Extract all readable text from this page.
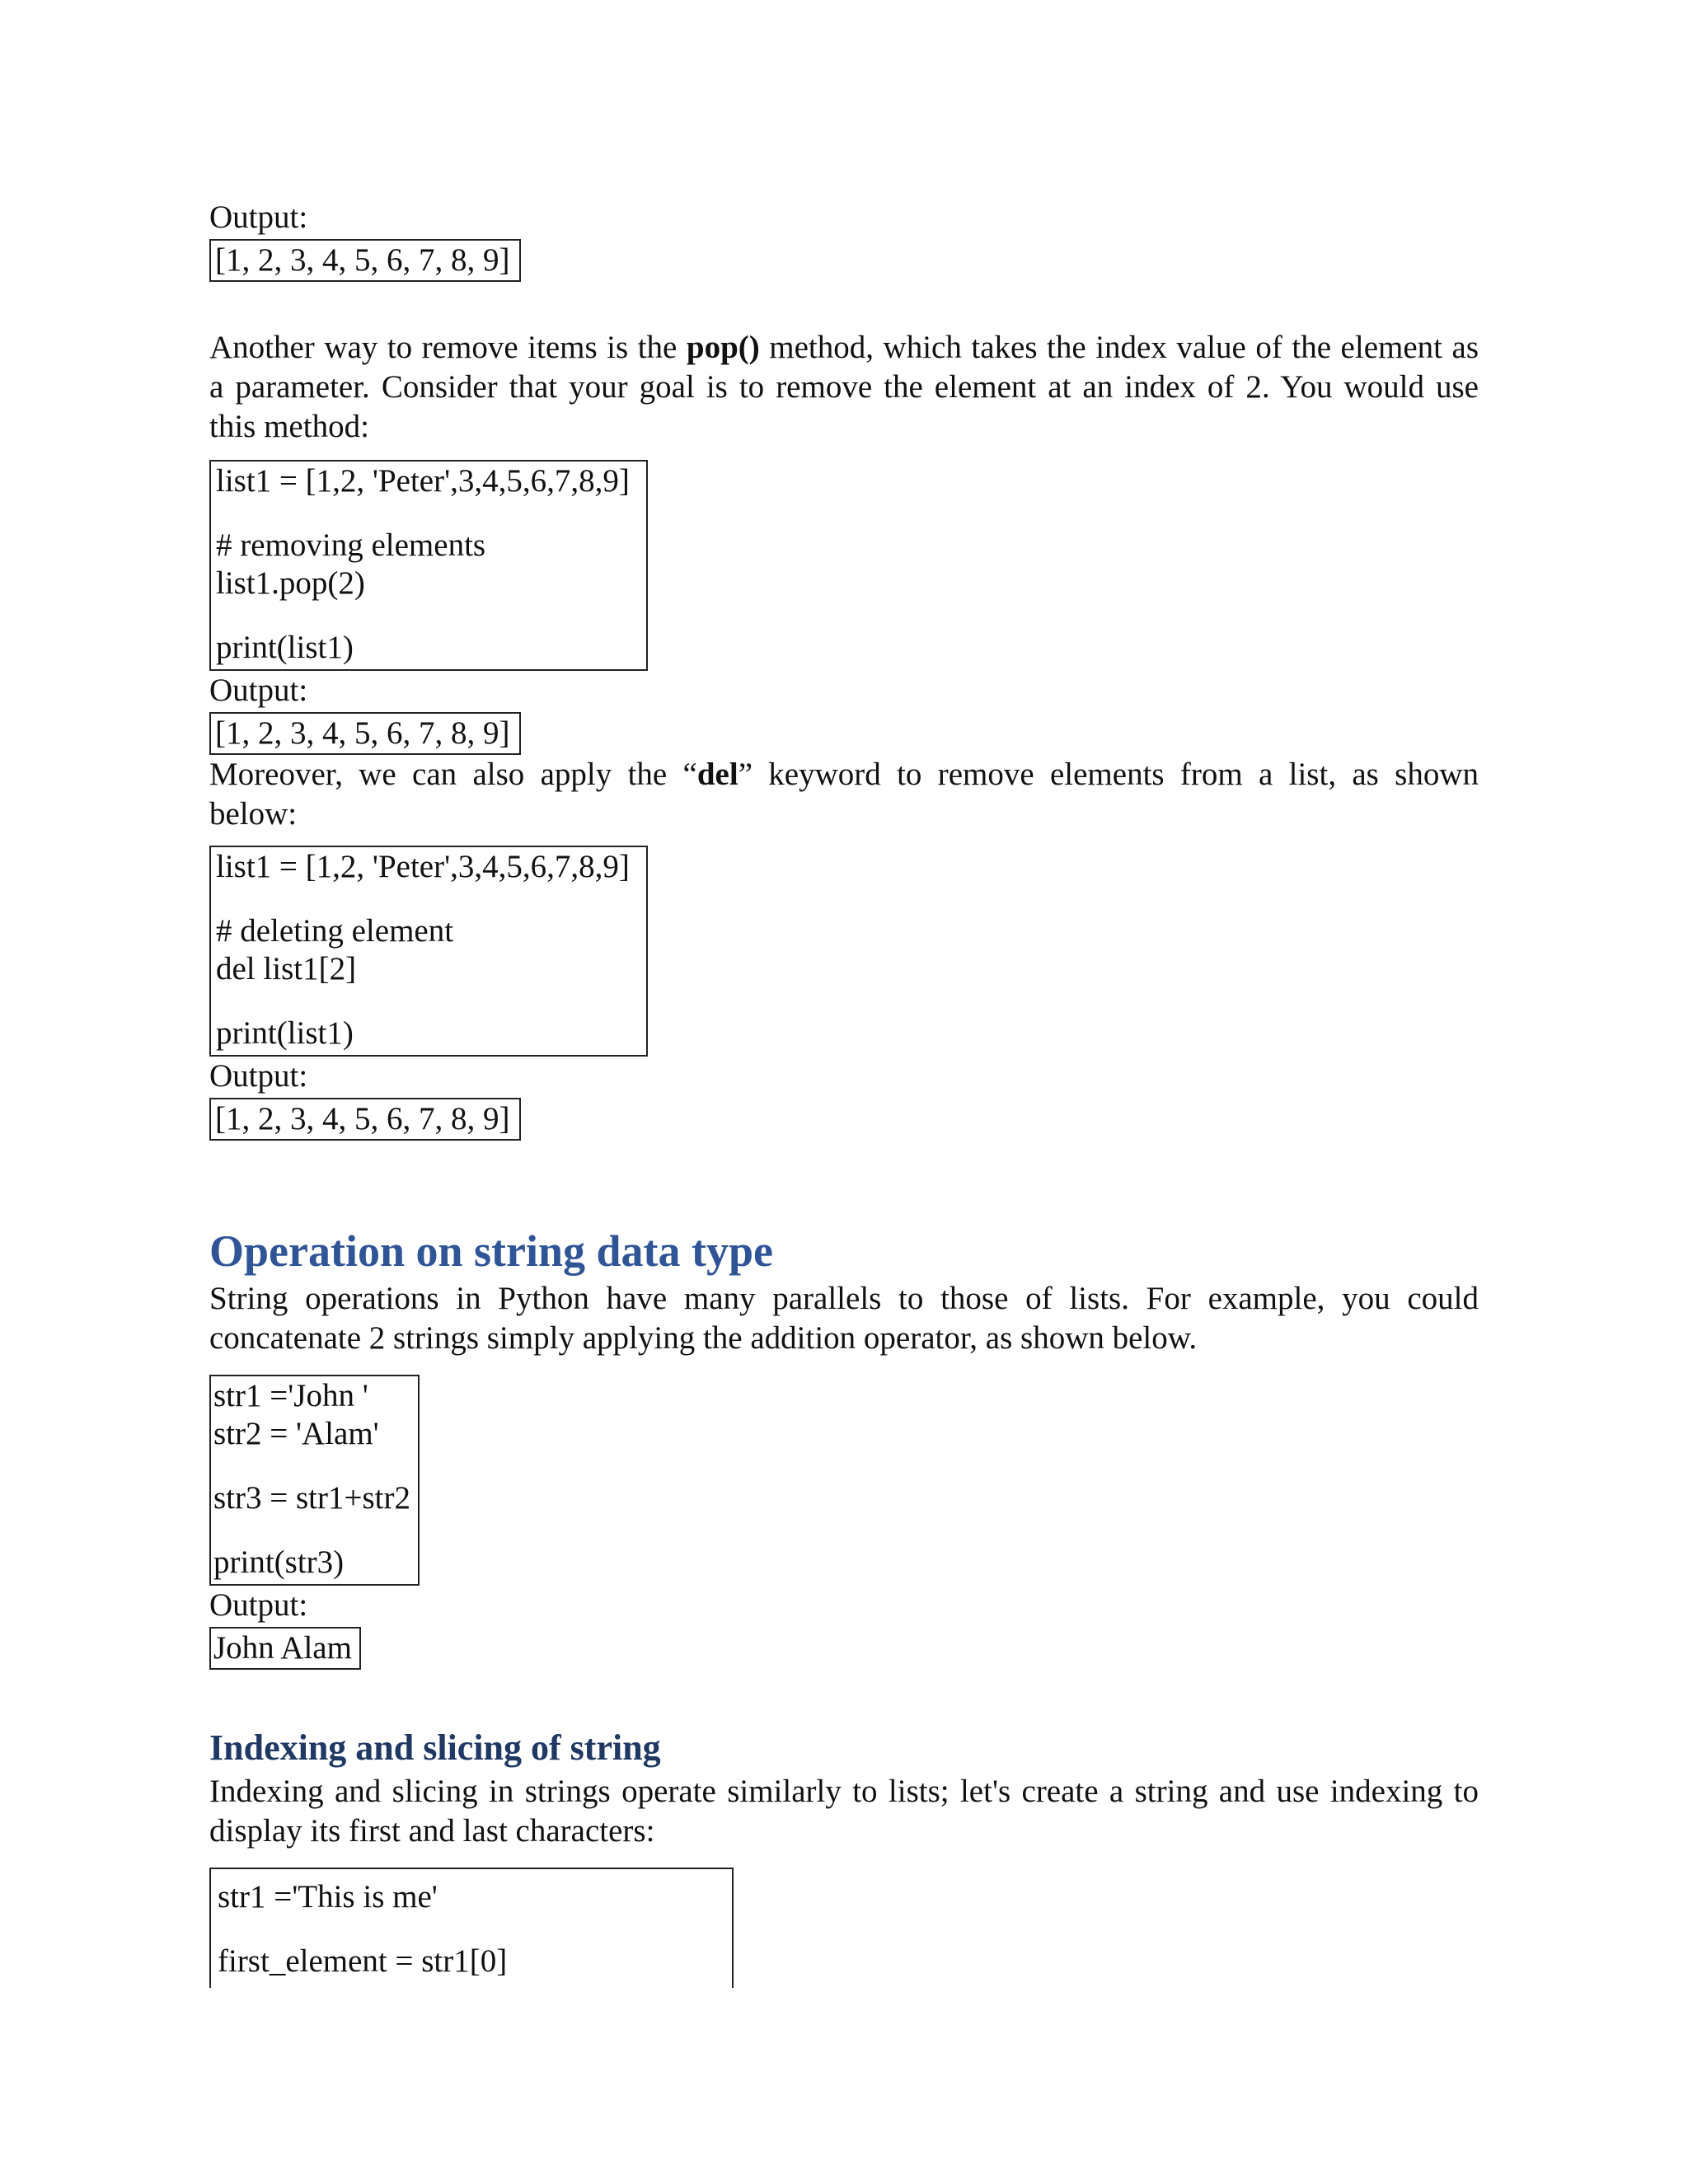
Output:
[1, 2, 3, 4, 5, 6, 7, 8, 9]
Another way to remove items is the pop() method, which takes the index value of the element as
a parameter. Consider that your goal is to remove the element at an index of 2. You would use
this method:
list1 = [1,2, 'Peter',3,4,5,6,7,8,9]
# removing elements
list1.pop(2)
print(list1)
Output:
[1, 2, 3, 4, 5, 6, 7, 8, 9]
Moreover, we can also apply the “del” keyword to remove elements from a list, as shown
below:
list1 = [1,2, 'Peter',3,4,5,6,7,8,9]
# deleting element
del list1[2]
print(list1)
Output:
[1, 2, 3, 4, 5, 6, 7, 8, 9]
Operation on string data type
String operations in Python have many parallels to those of lists. For example, you could
concatenate 2 strings simply applying the addition operator, as shown below.
str1 ='John '
str2 = 'Alam'
str3 = str1+str2
print(str3)
Output:
John Alam
Indexing and slicing of string
Indexing and slicing in strings operate similarly to lists; let's create a string and use indexing to
display its first and last characters:
str1 ='This is me'
first_element = str1[0]
